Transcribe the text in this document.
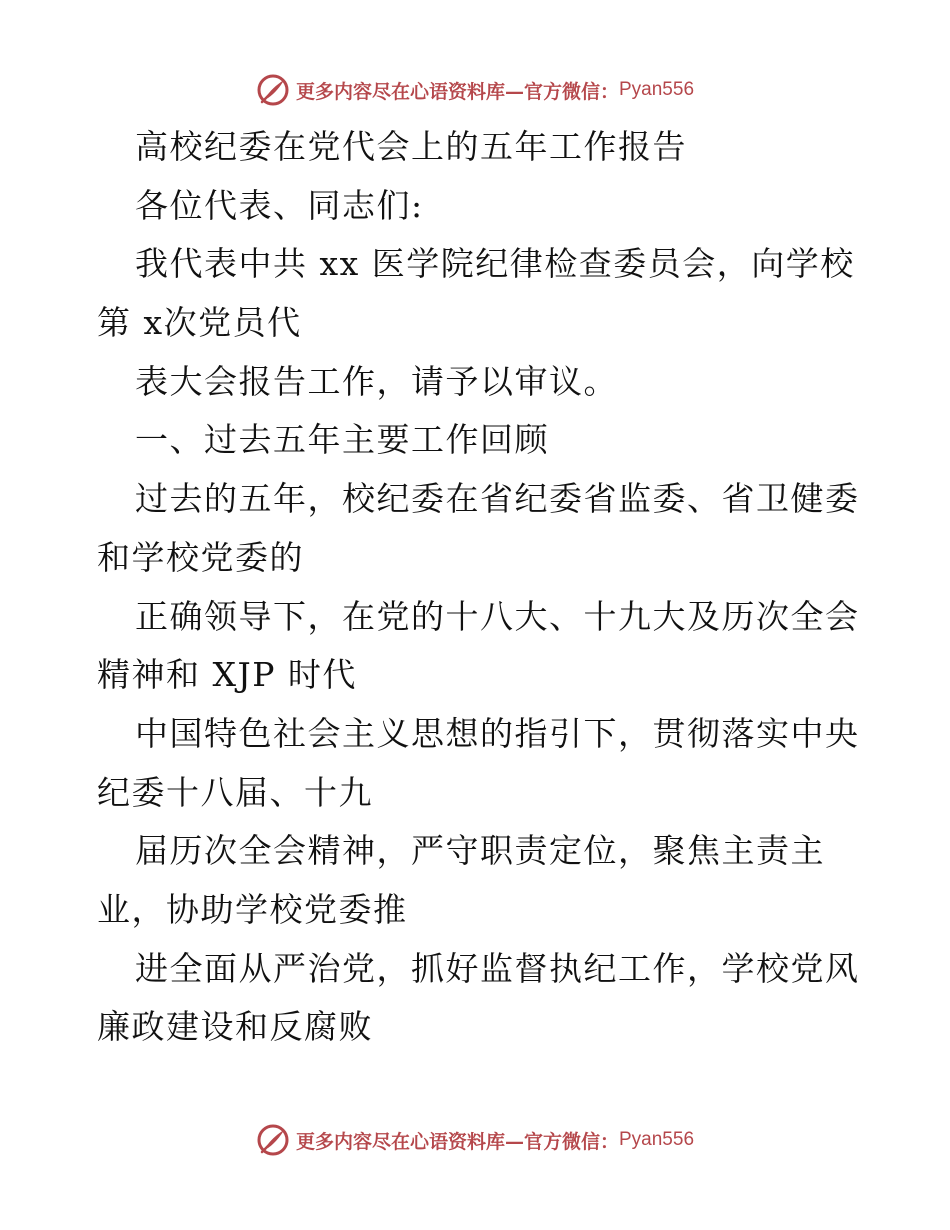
更多内容尽在心语资料库—官方微信： Pyan556
高校纪委在党代会上的五年工作报告
各位代表、同志们:
我代表中共 xx 医学院纪律检查委员会，向学校
第 x次党员代
表大会报告工作，请予以审议。
一、过去五年主要工作回顾
过去的五年，校纪委在省纪委省监委、省卫健委
和学校党委的
正确领导下，在党的十八大、十九大及历次全会
精神和 XJP 时代
中国特色社会主义思想的指引下，贯彻落实中央
纪委十八届、十九
届历次全会精神，严守职责定位，聚焦主责主
业，协助学校党委推
进全面从严治党，抓好监督执纪工作，学校党风
廉政建设和反腐败
更多内容尽在心语资料库—官方微信： Pyan556
